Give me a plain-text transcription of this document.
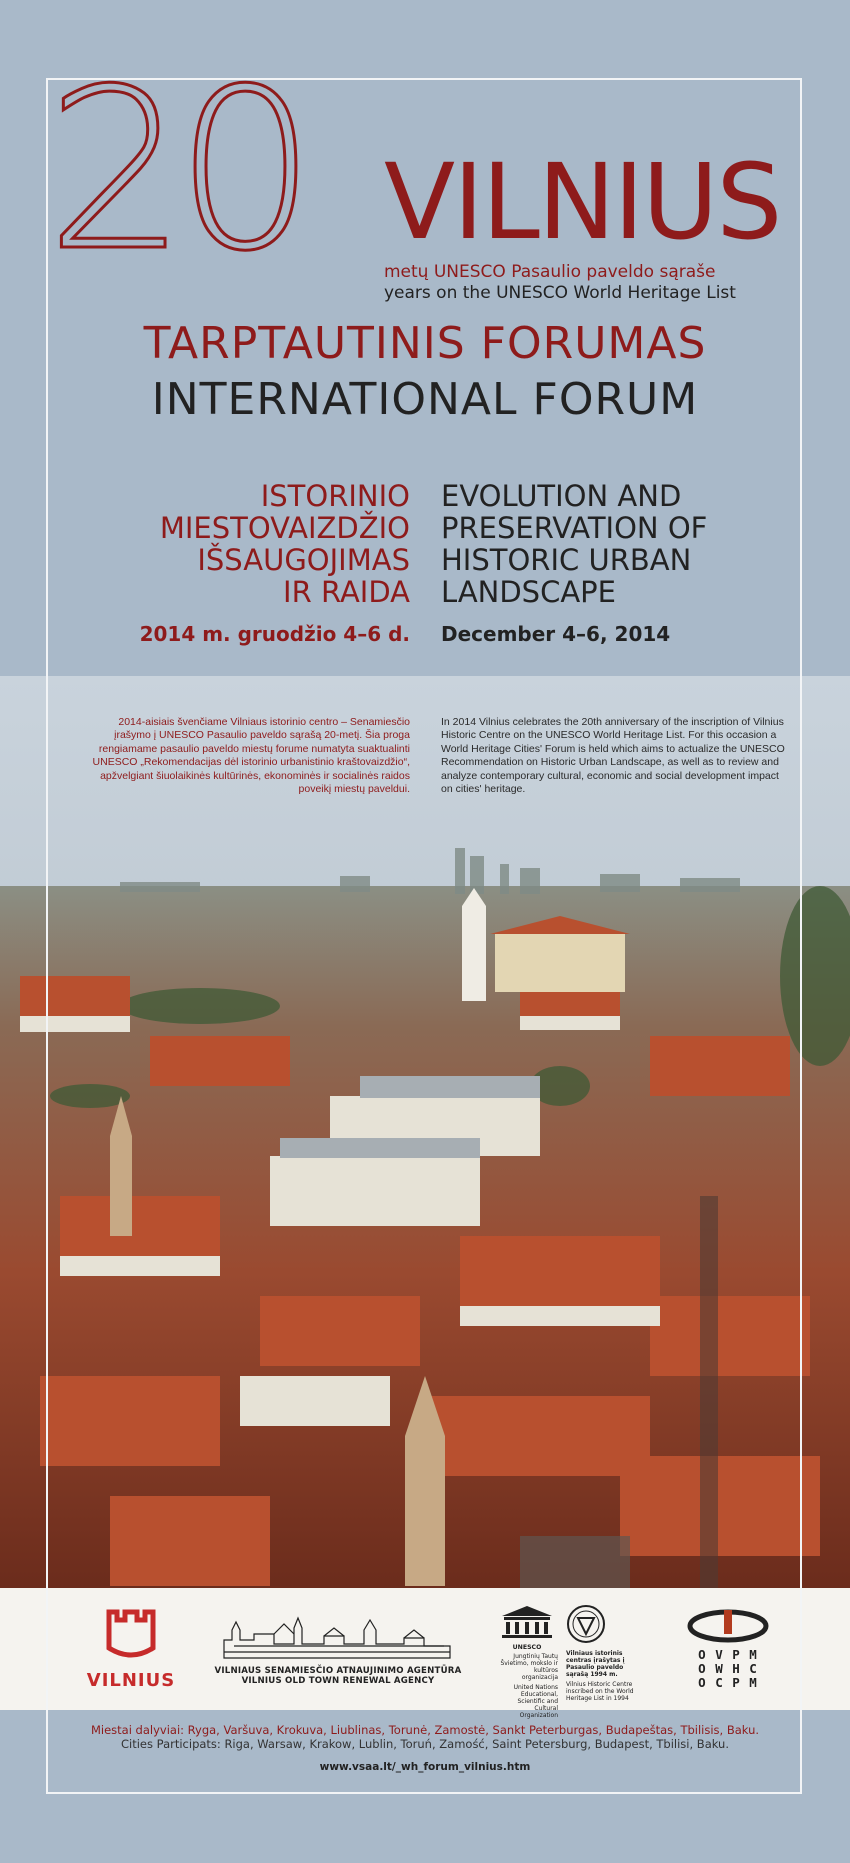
20 VILNIUS
metų UNESCO Pasaulio paveldo sąraše
years on the UNESCO World Heritage List
TARPTAUTINIS FORUMAS
INTERNATIONAL FORUM
ISTORINIO
MIESTOVAIZDŽIO
IŠSAUGOJIMAS
IR RAIDA
EVOLUTION AND
PRESERVATION OF
HISTORIC URBAN
LANDSCAPE
2014 m. gruodžio 4–6 d. December 4–6, 2014
2014-aisiais švenčiame Vilniaus istorinio centro – Senamiesčio įrašymo į UNESCO Pasaulio paveldo sąrašą 20-metį. Šia proga rengiamame pasaulio paveldo miestų forume numatyta suaktualinti UNESCO „Rekomendacijas dėl istorinio urbanistinio kraštovaizdžio“, apžvelgiant šiuolaikinės kultūrinės, ekonominės ir socialinės raidos poveikį miestų paveldui.
In 2014 Vilnius celebrates the 20th anniversary of the inscription of Vilnius Historic Centre on the UNESCO World Heritage List. For this occasion a World Heritage Cities' Forum is held which aims to actualize the UNESCO Recommendation on Historic Urban Landscape, as well as to review and analyze contemporary cultural, economic and social development impact on cities' heritage.
VILNIUS	VILNIAUS SENAMIESČIO ATNAUJINIMO AGENTŪRA
VILNIUS OLD TOWN RENEWAL AGENCY
UNESCO
Jungtinių Tautų Švietimo, mokslo ir kultūros organizacija
United Nations Educational, Scientific and Cultural Organization
Vilniaus istorinis centras įrašytas į Pasaulio paveldo sąrašą 1994 m.
Vilnius Historic Centre inscribed on the World Heritage List in 1994
O V P M
O W H C
O C P M
Miestai dalyviai: Ryga, Varšuva, Krokuva, Liublinas, Torunė, Zamostė, Sankt Peterburgas, Budapeštas, Tbilisis, Baku.
Cities Participats: Riga, Warsaw, Krakow, Lublin, Toruń, Zamość, Saint Petersburg, Budapest, Tbilisi, Baku.
www.vsaa.lt/_wh_forum_vilnius.htm
